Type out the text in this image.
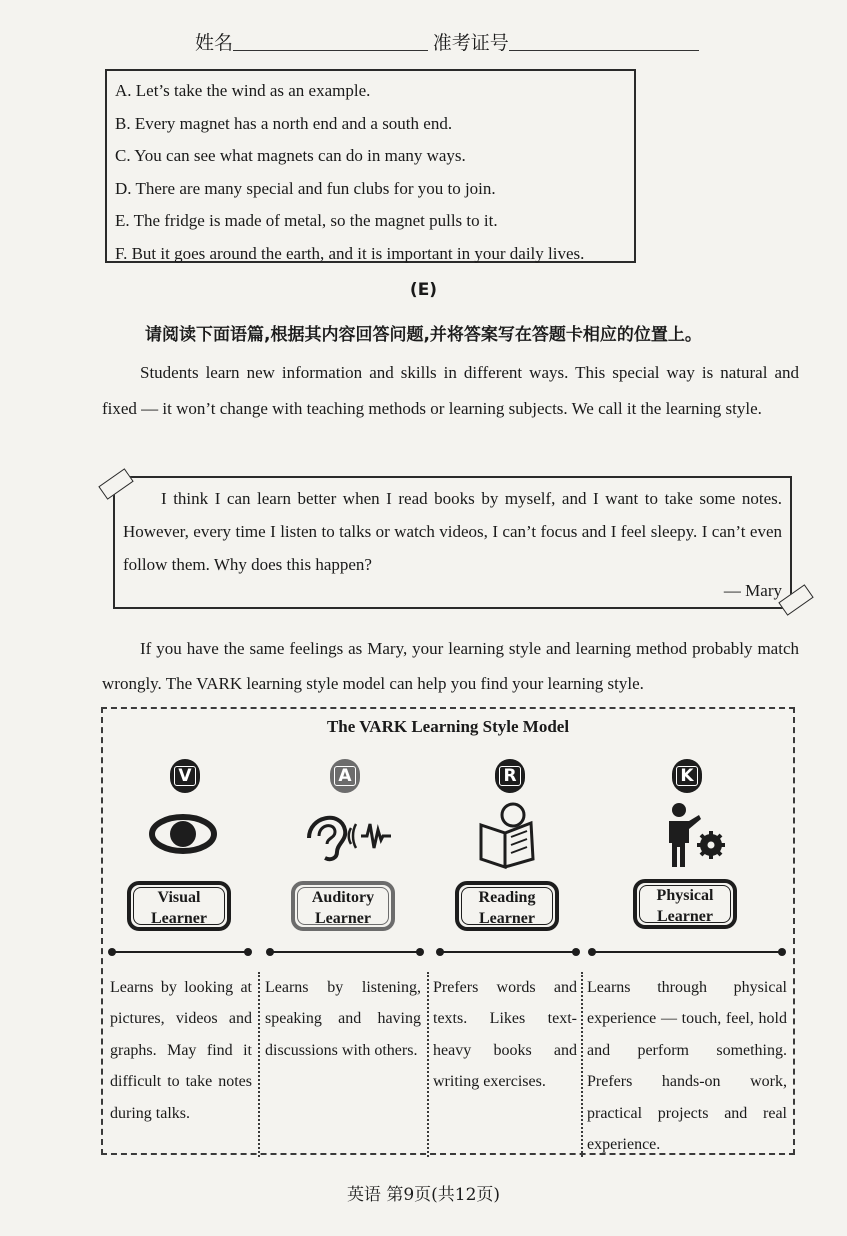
姓名	准考证号
A. Let’s take the wind as an example.
B. Every magnet has a north end and a south end.
C. You can see what magnets can do in many ways.
D. There are many special and fun clubs for you to join.
E. The fridge is made of metal, so the magnet pulls to it.
F. But it goes around the earth, and it is important in your daily lives.
(E)
请阅读下面语篇,根据其内容回答问题,并将答案写在答题卡相应的位置上。
Students learn new information and skills in different ways. This special way is natural and fixed — it won’t change with teaching methods or learning subjects. We call it the learning style.
I think I can learn better when I read books by myself, and I want to take some notes. However, every time I listen to talks or watch videos, I can’t focus and I feel sleepy. I can’t even follow them. Why does this happen?
— Mary
If you have the same feelings as Mary, your learning style and learning method probably match wrongly. The VARK learning style model can help you find your learning style.
The VARK Learning Style Model
V
Visual
Learner
Learns by looking at pictures, videos and graphs. May find it difficult to take notes during talks.
A
Auditory
Learner
Learns by listening, speaking and having discussions with others.
R
Reading
Learner
Prefers words and texts. Likes text-heavy books and writing exercises.
K
Physical
Learner
Learns through physical experience — touch, feel, hold and perform something. Prefers hands-on work, practical projects and real experience.
英语 第9页(共12页)
